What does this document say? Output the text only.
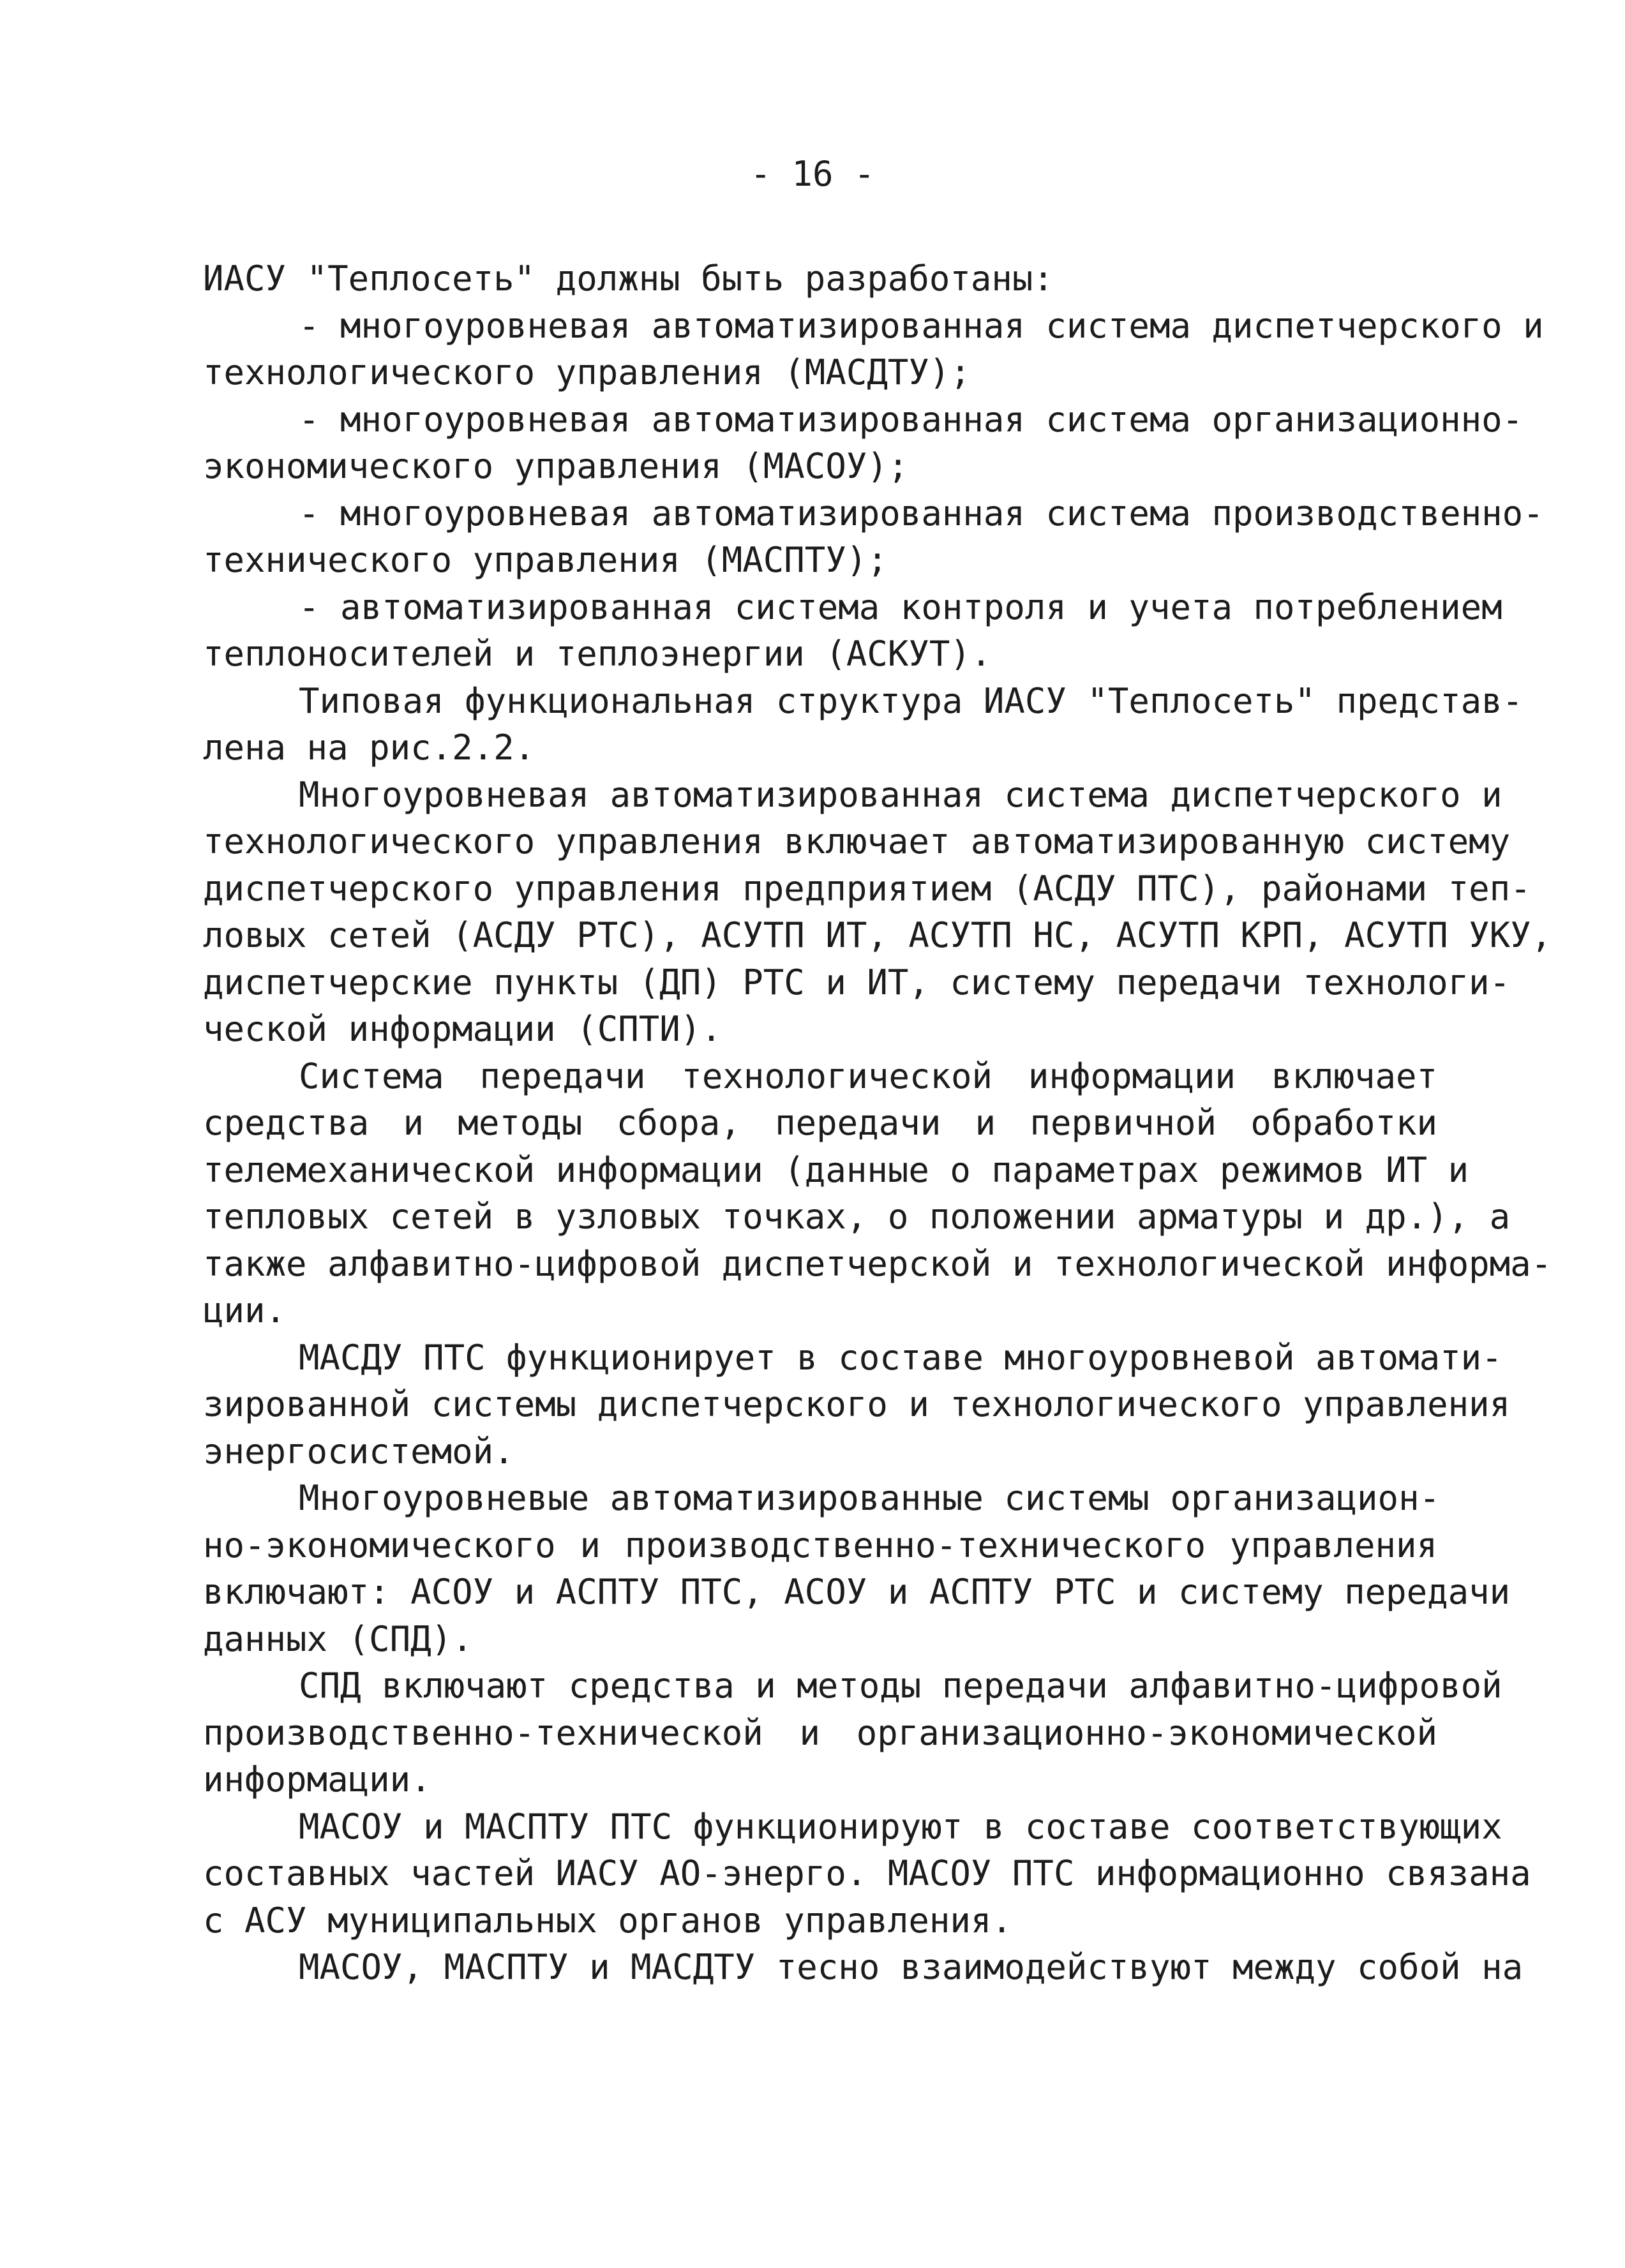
- 16 -
ИАСУ "Теплосеть" должны быть разработаны:
- многоуровневая автоматизированная система диспетчерского и
технологического управления (МАСДТУ);
- многоуровневая автоматизированная система организационно-
экономического управления (МАСОУ);
- многоуровневая автоматизированная система производственно-
технического управления (МАСПТУ);
- автоматизированная система контроля и учета потреблением
теплоносителей и теплоэнергии (АСКУТ).
Типовая функциональная структура ИАСУ "Теплосеть" представ-
лена на рис.2.2.
Многоуровневая автоматизированная система диспетчерского и
технологического управления включает автоматизированную систему
диспетчерского управления предприятием (АСДУ ПТС), районами теп-
ловых сетей (АСДУ РТС), АСУТП ИТ, АСУТП НС, АСУТП КРП, АСУТП УКУ,
диспетчерские пункты (ДП) РТС и ИТ, систему передачи технологи-
ческой информации (СПТИ).
Система передачи технологической информации включает
средства и методы сбора, передачи и первичной обработки
телемеханической информации (данные о параметрах режимов ИТ и
тепловых сетей в узловых точках, о положении арматуры и др.), а
также алфавитно-цифровой диспетчерской и технологической информа-
ции.
МАСДУ ПТС функционирует в составе многоуровневой автомати-
зированной системы диспетчерского и технологического управления
энергосистемой.
Многоуровневые автоматизированные системы организацион-
но-экономического и производственно-технического управления
включают: АСОУ и АСПТУ ПТС, АСОУ и АСПТУ РТС и систему передачи
данных (СПД).
СПД включают средства и методы передачи алфавитно-цифровой
производственно-технической и организационно-экономической
информации.
МАСОУ и МАСПТУ ПТС функционируют в составе соответствующих
составных частей ИАСУ АО-энерго. МАСОУ ПТС информационно связана
с АСУ муниципальных органов управления.
МАСОУ, МАСПТУ и МАСДТУ тесно взаимодействуют между собой на
